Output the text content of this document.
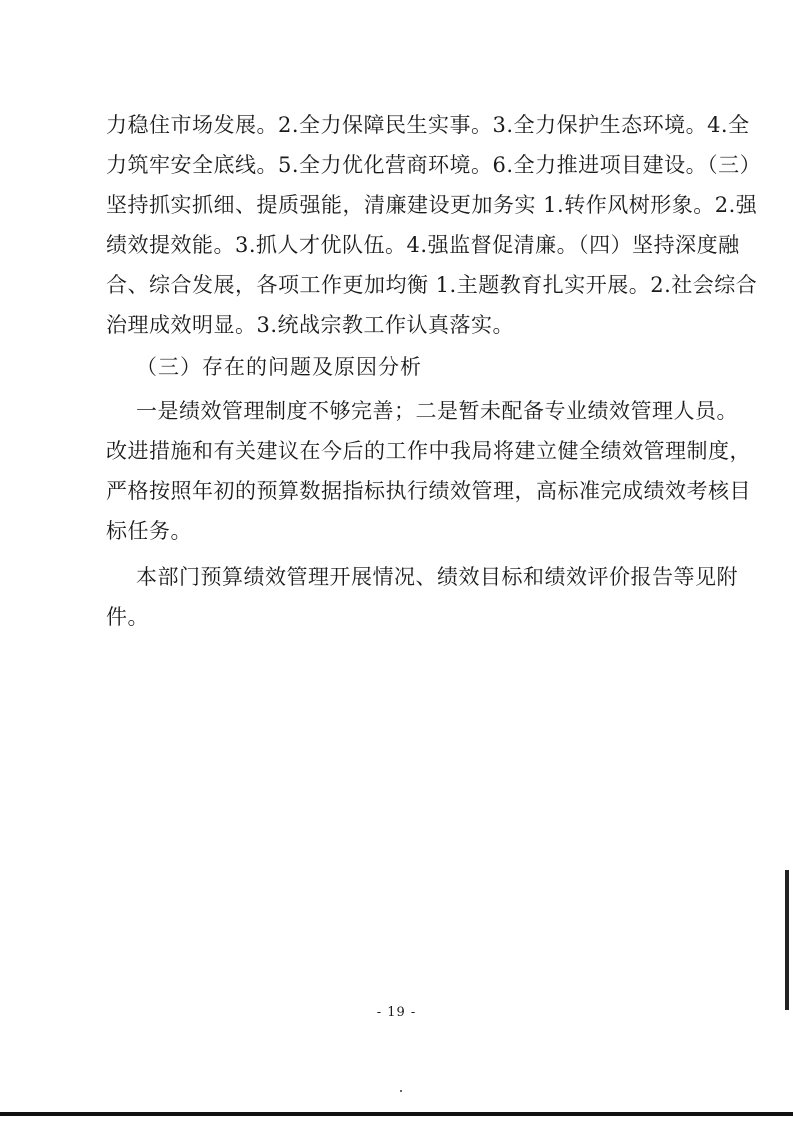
力稳住市场发展。2.全力保障民生实事。3.全力保护生态环境。4.全
力筑牢安全底线。5.全力优化营商环境。6.全力推进项目建设。（三）
坚持抓实抓细、提质强能，清廉建设更加务实 1.转作风树形象。2.强
绩效提效能。3.抓人才优队伍。4.强监督促清廉。（四）坚持深度融
合、综合发展，各项工作更加均衡 1.主题教育扎实开展。2.社会综合
治理成效明显。3.统战宗教工作认真落实。
（三）存在的问题及原因分析
一是绩效管理制度不够完善；二是暂未配备专业绩效管理人员。
改进措施和有关建议在今后的工作中我局将建立健全绩效管理制度，
严格按照年初的预算数据指标执行绩效管理，高标准完成绩效考核目
标任务。
本部门预算绩效管理开展情况、绩效目标和绩效评价报告等见附
件。
- 19 -
